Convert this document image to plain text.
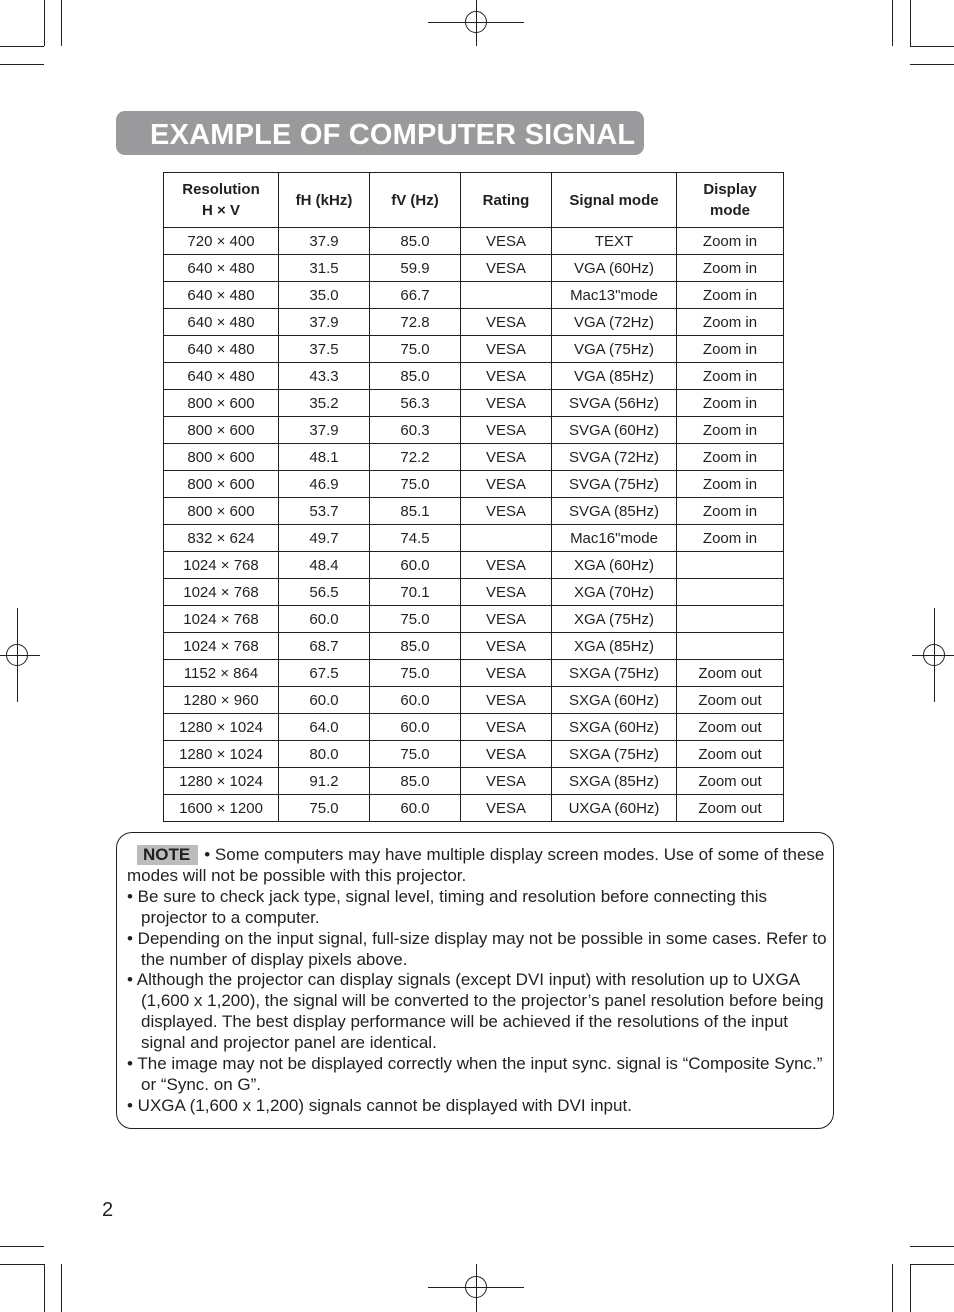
EXAMPLE OF COMPUTER SIGNAL
Resolution
H × V	fH (kHz)	fV (Hz)	Rating	Signal mode	Display
mode

720 × 400	37.9	85.0	VESA	TEXT	Zoom in
640 × 480	31.5	59.9	VESA	VGA (60Hz)	Zoom in
640 × 480	35.0	66.7		Mac13"mode	Zoom in
640 × 480	37.9	72.8	VESA	VGA (72Hz)	Zoom in
640 × 480	37.5	75.0	VESA	VGA (75Hz)	Zoom in
640 × 480	43.3	85.0	VESA	VGA (85Hz)	Zoom in
800 × 600	35.2	56.3	VESA	SVGA (56Hz)	Zoom in
800 × 600	37.9	60.3	VESA	SVGA (60Hz)	Zoom in
800 × 600	48.1	72.2	VESA	SVGA (72Hz)	Zoom in
800 × 600	46.9	75.0	VESA	SVGA (75Hz)	Zoom in
800 × 600	53.7	85.1	VESA	SVGA (85Hz)	Zoom in
832 × 624	49.7	74.5		Mac16"mode	Zoom in
1024 × 768	48.4	60.0	VESA	XGA (60Hz)	
1024 × 768	56.5	70.1	VESA	XGA (70Hz)	
1024 × 768	60.0	75.0	VESA	XGA (75Hz)	
1024 × 768	68.7	85.0	VESA	XGA (85Hz)	
1152 × 864	67.5	75.0	VESA	SXGA (75Hz)	Zoom out
1280 × 960	60.0	60.0	VESA	SXGA (60Hz)	Zoom out
1280 × 1024	64.0	60.0	VESA	SXGA (60Hz)	Zoom out
1280 × 1024	80.0	75.0	VESA	SXGA (75Hz)	Zoom out
1280 × 1024	91.2	85.0	VESA	SXGA (85Hz)	Zoom out
1600 × 1200	75.0	60.0	VESA	UXGA (60Hz)	Zoom out
NOTE • Some computers may have multiple display screen modes. Use of some of these modes will not be possible with this projector.
• Be sure to check jack type, signal level, timing and resolution before connecting this projector to a computer.
• Depending on the input signal, full-size display may not be possible in some cases. Refer to the number of display pixels above.
• Although the projector can display signals (except DVI input) with resolution up to UXGA (1,600 x 1,200), the signal will be converted to the projector’s panel resolution before being displayed. The best display performance will be achieved if the resolutions of the input signal and projector panel are identical.
• The image may not be displayed correctly when the input sync. signal is “Composite Sync.” or “Sync. on G”.
• UXGA (1,600 x 1,200) signals cannot be displayed with DVI input.
2
